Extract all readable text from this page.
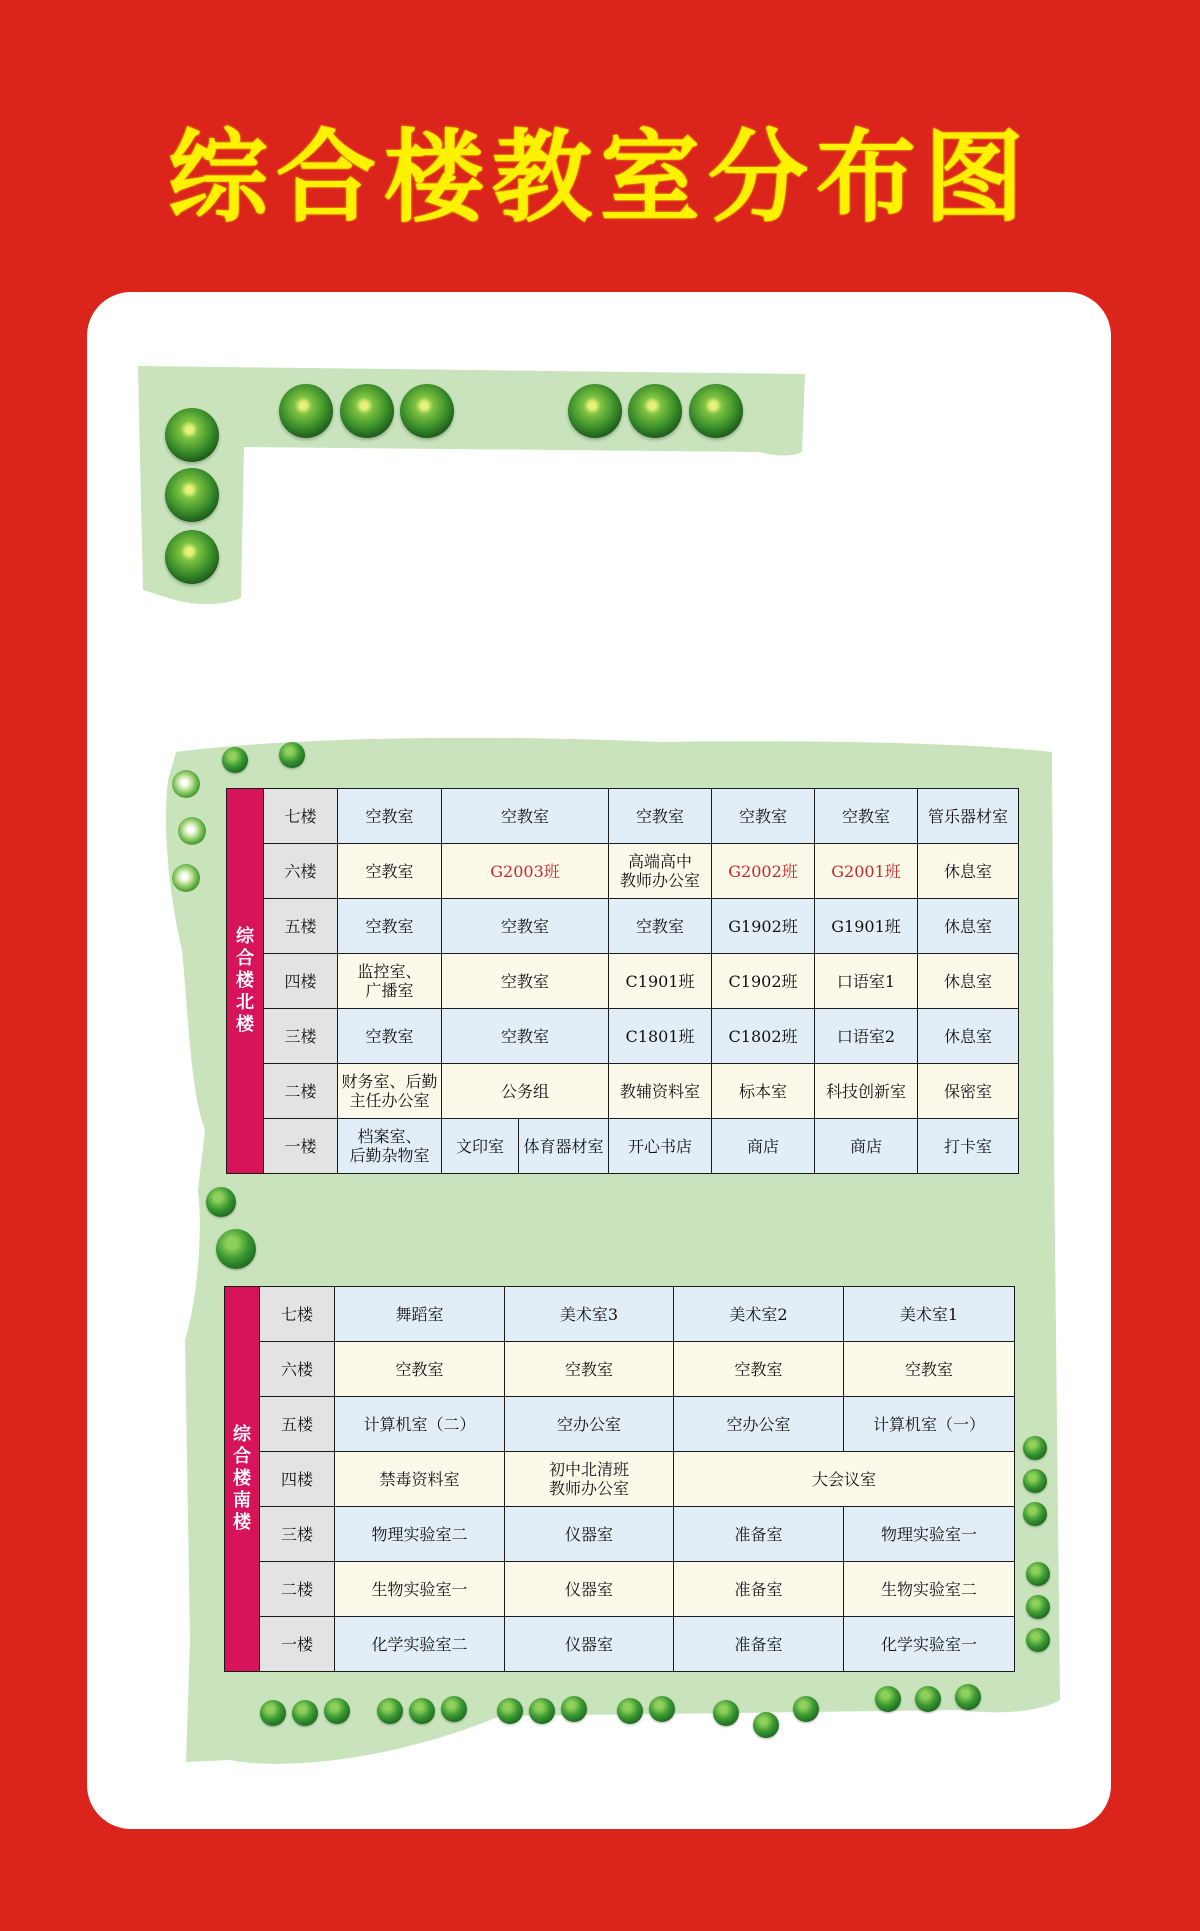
综合楼教室分布图
综合楼北楼	七楼	空教室	空教室		空教室	空教室	空教室	管乐器材室
	六楼	空教室	G2003班		高端高中
教师办公室	G2002班	G2001班	休息室
	五楼	空教室	空教室		空教室	G1902班	G1901班	休息室
	四楼	监控室、
广播室	空教室		C1901班	C1902班	口语室1	休息室
	三楼	空教室	空教室		C1801班	C1802班	口语室2	休息室
	二楼	财务室、后勤
主任办公室	公务组		教辅资料室	标本室	科技创新室	保密室
	一楼	档案室、
后勤杂物室	文印室	体育器材室	开心书店	商店	商店	打卡室
综合楼南楼	七楼	舞蹈室	美术室3	美术室2	美术室1
	六楼	空教室	空教室	空教室	空教室
	五楼	计算机室（二）	空办公室	空办公室	计算机室（一）
	四楼	禁毒资料室	初中北清班
教师办公室	大会议室	
	三楼	物理实验室二	仪器室	准备室	物理实验室一
	二楼	生物实验室一	仪器室	准备室	生物实验室二
	一楼	化学实验室二	仪器室	准备室	化学实验室一
